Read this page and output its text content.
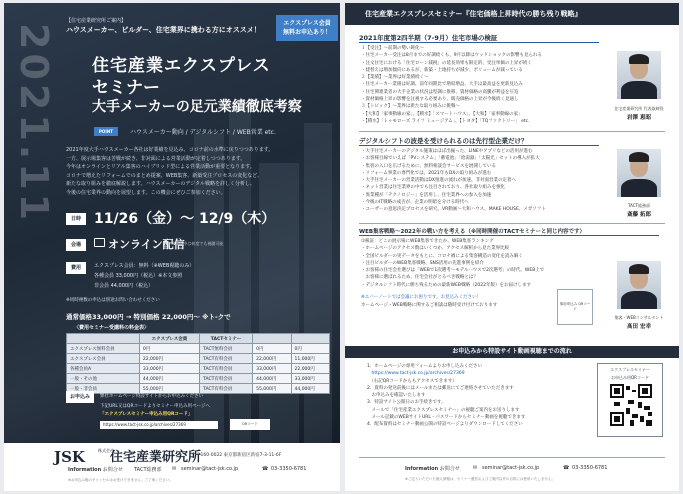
2021.11
【住宅産業研究所ご案内】
ハウスメーカー、ビルダー、住宅業界に携わる方にオススメ！
エクスプレス会員
無料お申込あり！
住宅産業エクスプレス
セミナー
大手メーカーの足元業績徹底考察
POINT	ハウスメーカー動向 / デジタルシフト / WEB営業 etc.
2021年度大手ハウスメーカー各社は好業績を見込み、コロナ前の水準に戻りつつあります。
一方、展示場集客は苦戦が続き、非対面による営業活動が定着しつつあります。
今年はオンラインとリアル集客のハイブリッド型による営業活動が重要となります。
コロナで増えたリフォームでのまとめ提案、WEB集客、新築受注プロセスの変化など、
新たな取り組みを徹底解説します。ハウスメーカーのデジタル戦略を詳しく分析し、
今後の住宅業界の動向を展望します。この機会にぜひご参加ください。
日時 11/26（金）～ 12/9（木）
会場	オンライン配信
※期間中は何度でも視聴可能
費用	エクスプレス会員：無料（※WEB視聴のみ）
各種会員 33,000円（税込）※本文参照
非会員 44,000円（税込）
※同時複数の申込は別途お問い合わせください
通常価格33,000円 → 特別価格 22,000円～ ※ト-クで
〈費用セミナー受講料の料金表〉
	エクスプレス会員	TACTセミナー		
エクスプレス無料会員	0円	TACT無料会員	0円	0円
エクスプレス会員	22,000円	TACT有料会員	22,000円	11,000円
各種会員A	33,000円	TACT有料会員	33,000円	22,000円
一般・その他	44,000円	TACT有料会員	44,000円	33,000円
一般・非会員	55,000円	TACT有料会員	55,000円	44,000円
お申込み	弊社ホームページ特設サイトからお申込みください
下記URL又はQRコードよりセミナー申込み用ページへ
「エクスプレスセミナー申込み用QRコード」
https://www.tact-jsk.co.jp/archives/27369	QRコード
JSK	株式会社
住宅産業研究所
〒160-0022 東京都新宿区新宿7-3-11-6F
Information お問合せ TACT総務部 ✉ seminar@tact-jsk.co.jp	☎ 03-3350-6781
※お申込み後のキャンセルはお受けできません。ご了承ください。
住宅産業エクスプレスセミナー『住宅価格上昇時代の勝ち残り戦略』
2021年度第2四半期（7-9月）住宅市場の検証
１【受注】～前期の勢い鈍化～
・住宅メーカー受注は8月までの好調続くも、9月以降はウッドショックの影響も見られる
・注文住宅における「住宅ローン減税」の延長効果も限定的、受注単価の上昇が続く
・建替えは増加傾向にあるが、新築・土地持ちが減少、ボリュームが減っている
２【業績】～業界は好業績続く～
・住宅メーカー業績は好調、前年同期比で増収増益、大手は最高益を更新見込み
・住宅関連業者の大手企業の状況は堅調に推移、資材価格の高騰が利益を圧迫
・資材価格上昇の影響を注視する必要あり、販売価格の上昇が今後続く見通し
３【トピック】～業界は新たな取り組みに挑戦～
・【大和】「家事動線の家」、【積水】「スマートハウス」、【大和】「家事動線の家」
・【積水】「トゥモローズ ライフ ミュージアム」、【トヨタ】「TQファクトリー」 etc.
住宅産業研究所 代表取締役
岩澤 恵昭
デジタルシフトの波是を受けられるのは先行型企業だけ？
・大手住宅メーカーのデジタル施策はほぼ出揃った、LINEやアプリなどの活用が進む
・お客様目線でいえば「PVシステム」「蓄電池」「給湯器」「太陽光」セットの導入が拡大
・集客の入口を広げるために、無料相談会サービスを展開している
・リフォーム事業の専門化では、2021年もDXの取り組みが進む
・大手住宅メーカーの営業活動はDX推進の流れが加速、非対面営業の定着へ
・ネット営業は住宅業界の中でも注目されており、各社取り組みを強化
・異業種が「テクノロジー」を活用し、住宅業界への参入を加速
・今後のIT戦略の成否が、企業の明暗を分ける時代へ
・ユーザーの意思決定プロセスを研究、VR動画～大和ハウス、MAKE HOUSE、メガソフト
TACT総務部
斎藤 拓郎
WEB集客戦略～2022年の戦い方を考える（※同時開催のTACTセミナーと同じ内容です）
①検証：どこの展示場にWEB集客できたか、WEB集客ランキング
・ホームページのアクセス数はいくつか、アクセス解析から見た業界比較
・全国ビルダーの実データをもとに、コロナ禍による集客構造の変化を読み解く
・注目ビルダーのWEB集客戦略、SNS活用の先進事例を紹介
・お客様の住宅会社選びは「WEBで1次選考～モデルハウスで2次選考」の時代、WEB上で
　お客様に選ばれるため、住宅会社がとるべき戦略とは？
・デジタルシフト時代に勝ち残るための最新WEB戦略（2022年版）をお届けします
※エバーノートでは会議にお困りです。お見込みください！
ホームページ・WEB戦略に関するご相談は随時受け付けております	事前申込み QRコード
集客・WEBコンサルタント
髙田 宏幸
お申込みから特設サイト動画視聴までの流れ
1．ホームページの専用フォームよりお申し込みください
　https://www.tact-jsk.co.jp/archives/27369
　（右記QRコードからもアクセスできます）
2．資料の発送前後にはメールまたは郵送にてご連絡させていただきます
　お申込みを確認いたします
3．特設サイト公開日のお手続きです。
　メールで「住宅産業エクスプレスセミナー」の視聴ご案内をお送りします
　メール記載のWEBサイトURL・パスワードからセミナー動画を視聴できます
4．配布資料はセミナー動画公開の特設ページよりダウンロードしてください
エクスプレスセミナー
お申込み用QRコード
Information お問合せ	✉ seminar@tact-jsk.co.jp	☎ 03-3350-6781
※ご記入いただいた個人情報は、セミナー運営およびご案内以外の目的には使用いたしません。
